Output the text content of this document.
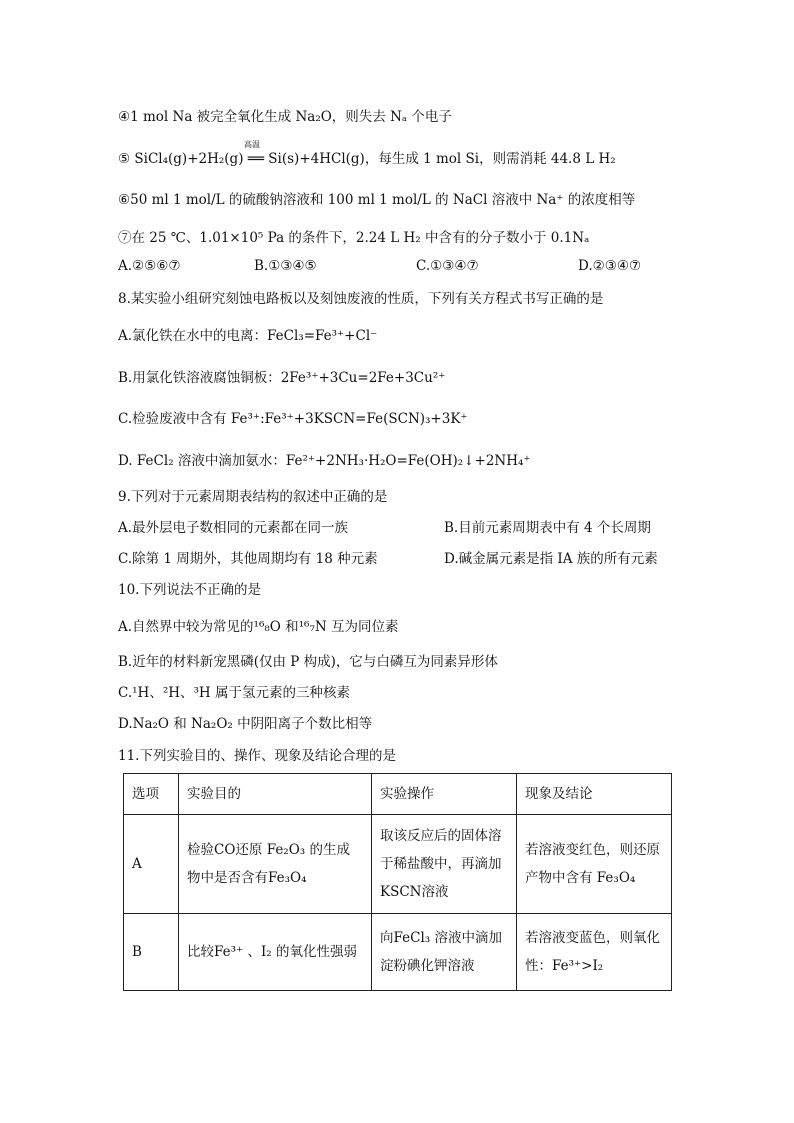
④1 mol Na 被完全氧化生成 Na₂O，则失去 Nₐ 个电子
高温
⑤ SiCl₄(g)+2H₂(g) ══ Si(s)+4HCl(g)，每生成 1 mol Si，则需消耗 44.8 L H₂
⑥50 ml 1 mol/L 的硫酸钠溶液和 100 ml 1 mol/L 的 NaCl 溶液中 Na⁺ 的浓度相等
⑦在 25 ℃、1.01×10⁵ Pa 的条件下，2.24 L H₂ 中含有的分子数小于 0.1Nₐ
A.②⑤⑥⑦	B.①③④⑤	C.①③④⑦	D.②③④⑦
8.某实验小组研究刻蚀电路板以及刻蚀废液的性质，下列有关方程式书写正确的是
A.氯化铁在水中的电离：FeCl₃=Fe³⁺+Cl⁻
B.用氯化铁溶液腐蚀铜板：2Fe³⁺+3Cu=2Fe+3Cu²⁺
C.检验废液中含有 Fe³⁺:Fe³⁺+3KSCN=Fe(SCN)₃+3K⁺
D. FeCl₂ 溶液中滴加氨水：Fe²⁺+2NH₃·H₂O=Fe(OH)₂↓+2NH₄⁺
9.下列对于元素周期表结构的叙述中正确的是
A.最外层电子数相同的元素都在同一族	B.目前元素周期表中有 4 个长周期
C.除第 1 周期外，其他周期均有 18 种元素	D.碱金属元素是指 IA 族的所有元素
10.下列说法不正确的是
A.自然界中较为常见的¹⁶₈O 和¹⁶₇N 互为同位素
B.近年的材料新宠黑磷(仅由 P 构成)，它与白磷互为同素异形体
C.¹H、²H、³H 属于氢元素的三种核素
D.Na₂O 和 Na₂O₂ 中阴阳离子个数比相等
11.下列实验目的、操作、现象及结论合理的是
选项	实验目的	实验操作	现象及结论
A	检验CO还原 Fe₂O₃ 的生成物中是否含有Fe₃O₄	取该反应后的固体溶于稀盐酸中，再滴加KSCN溶液	若溶液变红色，则还原产物中含有 Fe₃O₄
B	比较Fe³⁺ 、I₂ 的氧化性强弱	向FeCl₃ 溶液中滴加淀粉碘化钾溶液	若溶液变蓝色，则氧化性：Fe³⁺>I₂
